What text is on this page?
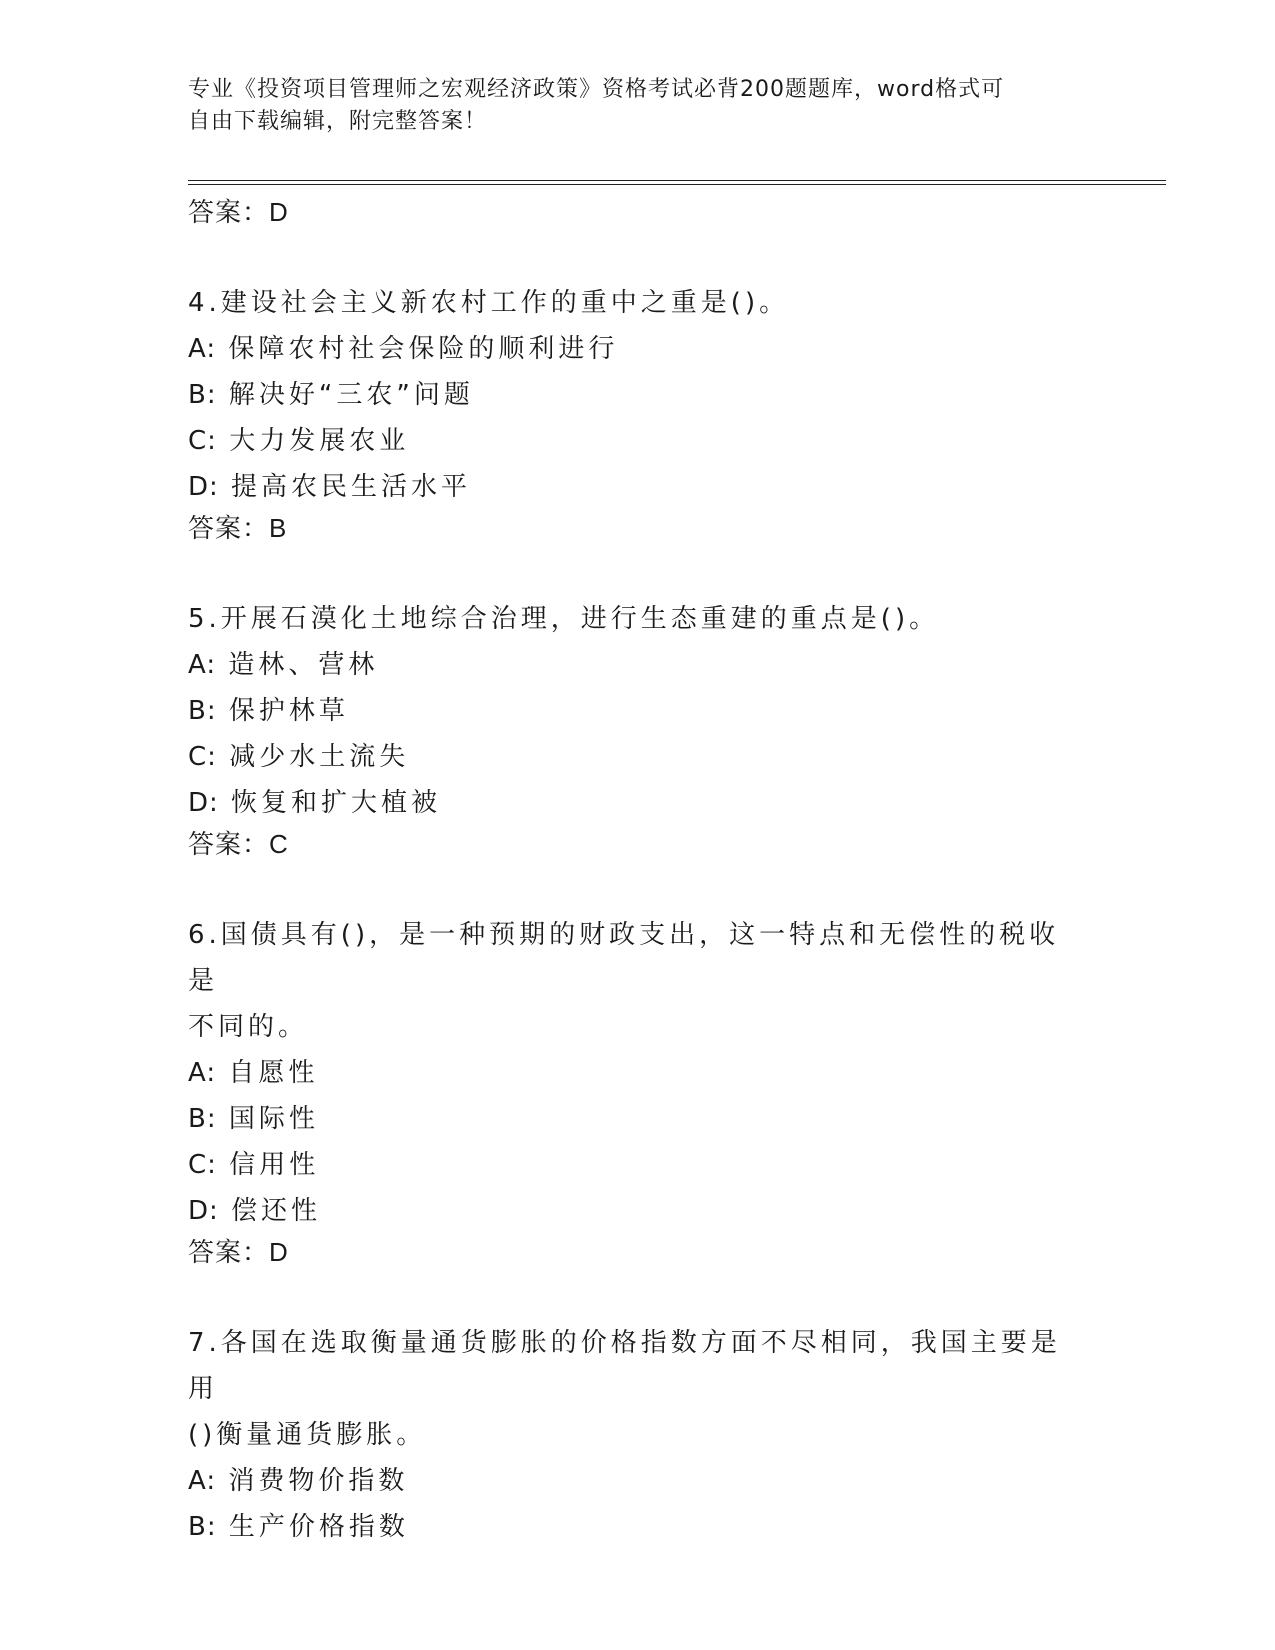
专业《投资项目管理师之宏观经济政策》资格考试必背200题题库，word格式可
自由下载编辑，附完整答案！
答案：D
4.建设社会主义新农村工作的重中之重是()。
A: 保障农村社会保险的顺利进行
B: 解决好“三农”问题
C: 大力发展农业
D: 提高农民生活水平
答案：B
5.开展石漠化土地综合治理，进行生态重建的重点是()。
A: 造林、营林
B: 保护林草
C: 减少水土流失
D: 恢复和扩大植被
答案：C
6.国债具有()，是一种预期的财政支出，这一特点和无偿性的税收是
不同的。
A: 自愿性
B: 国际性
C: 信用性
D: 偿还性
答案：D
7.各国在选取衡量通货膨胀的价格指数方面不尽相同，我国主要是用
()衡量通货膨胀。
A: 消费物价指数
B: 生产价格指数
